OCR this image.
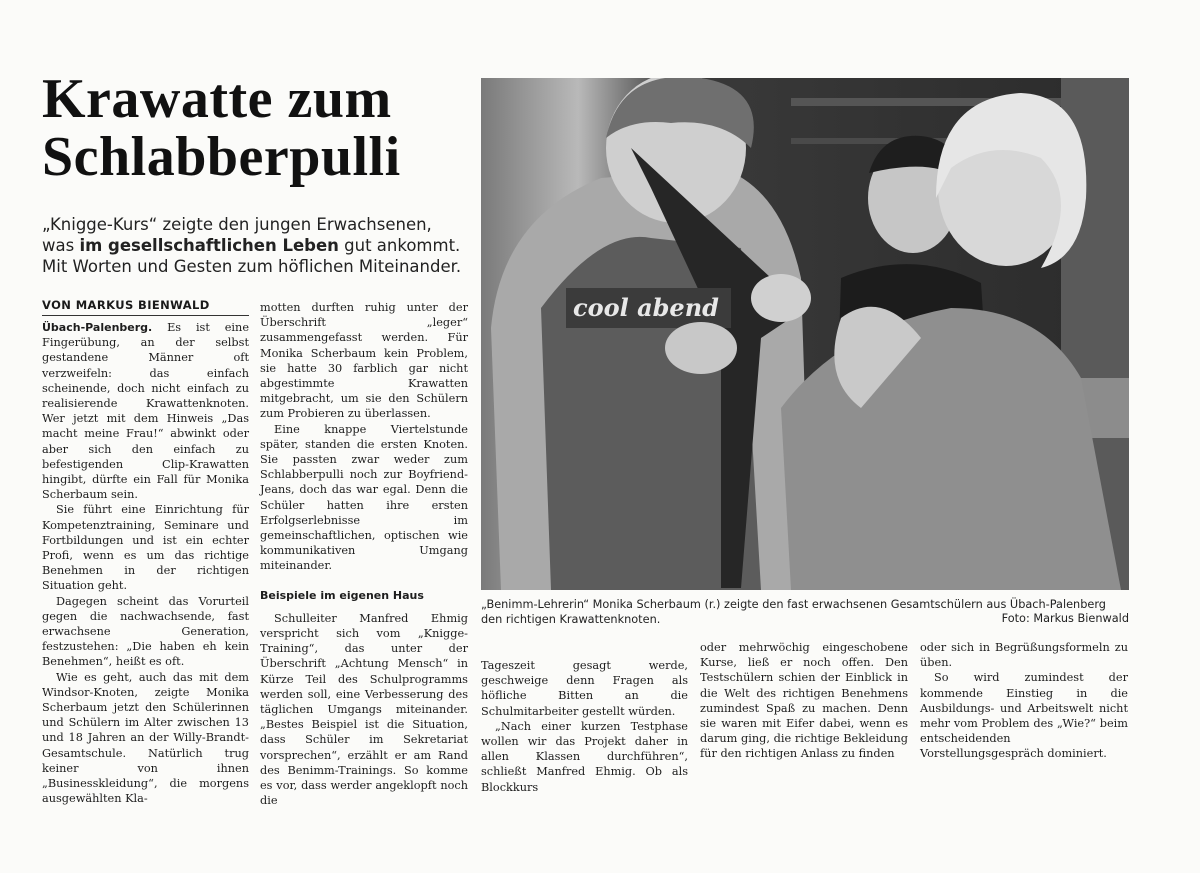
Krawatte zum Schlabberpulli
„Knigge-Kurs“ zeigte den jungen Erwachsenen, was im gesellschaftlichen Leben gut ankommt. Mit Worten und Gesten zum höflichen Miteinander.
VON MARKUS BIENWALD

Übach-Palenberg. Es ist eine Fingerübung, an der selbst gestandene Männer oft verzweifeln: das einfach scheinende, doch nicht einfach zu realisierende Krawattenknoten. Wer jetzt mit dem Hinweis „Das macht meine Frau!“ abwinkt oder aber sich den einfach zu befestigenden Clip-Krawatten hingibt, dürfte ein Fall für Monika Scherbaum sein.

Sie führt eine Einrichtung für Kompetenztraining, Seminare und Fortbildungen und ist ein echter Profi, wenn es um das richtige Benehmen in der richtigen Situation geht.

Dagegen scheint das Vorurteil gegen die nachwachsende, fast erwachsene Generation, festzustehen: „Die haben eh kein Benehmen“, heißt es oft.

Wie es geht, auch das mit dem Windsor-Knoten, zeigte Monika Scherbaum jetzt den Schülerinnen und Schülern im Alter zwischen 13 und 18 Jahren an der Willy-Brandt-Gesamtschule. Natürlich trug keiner von ihnen „Businesskleidung“, die morgens ausgewählten Kla-

motten durften ruhig unter der Überschrift „leger“ zusammengefasst werden. Für Monika Scherbaum kein Problem, sie hatte 30 farblich gar nicht abgestimmte Krawatten mitgebracht, um sie den Schülern zum Probieren zu überlassen.

Eine knappe Viertelstunde später, standen die ersten Knoten. Sie passten zwar weder zum Schlabberpulli noch zur Boyfriend-Jeans, doch das war egal. Denn die Schüler hatten ihre ersten Erfolgserlebnisse im gemeinschaftlichen, optischen wie kommunikativen Umgang miteinander.

Beispiele im eigenen Haus

Schulleiter Manfred Ehmig verspricht sich vom „Knigge-Training“, das unter der Überschrift „Achtung Mensch“ in Kürze Teil des Schulprogramms werden soll, eine Verbesserung des täglichen Umgangs miteinander. „Bestes Beispiel ist die Situation, dass Schüler im Sekretariat vorsprechen“, erzählt er am Rand des Benimm-Trainings. So komme es vor, dass werder angeklopft noch die

cool abend
„Benimm-Lehrerin“ Monika Scherbaum (r.) zeigte den fast erwachsenen Gesamtschülern aus Übach-Palenberg den richtigen Krawattenknoten.	Foto: Markus Bienwald

Tageszeit gesagt werde, geschweige denn Fragen als höfliche Bitten an die Schulmitarbeiter gestellt würden.

„Nach einer kurzen Testphase wollen wir das Projekt daher in allen Klassen durchführen“, schließt Manfred Ehmig. Ob als Blockkurs

oder mehrwöchig eingeschobene Kurse, ließ er noch offen. Den Testschülern schien der Einblick in die Welt des richtigen Benehmens zumindest Spaß zu machen. Denn sie waren mit Eifer dabei, wenn es darum ging, die richtige Bekleidung für den richtigen Anlass zu finden

oder sich in Begrüßungsformeln zu üben.

So wird zumindest der kommende Einstieg in die Ausbildungs- und Arbeitswelt nicht mehr vom Problem des „Wie?“ beim entscheidenden Vorstellungsgespräch dominiert.
